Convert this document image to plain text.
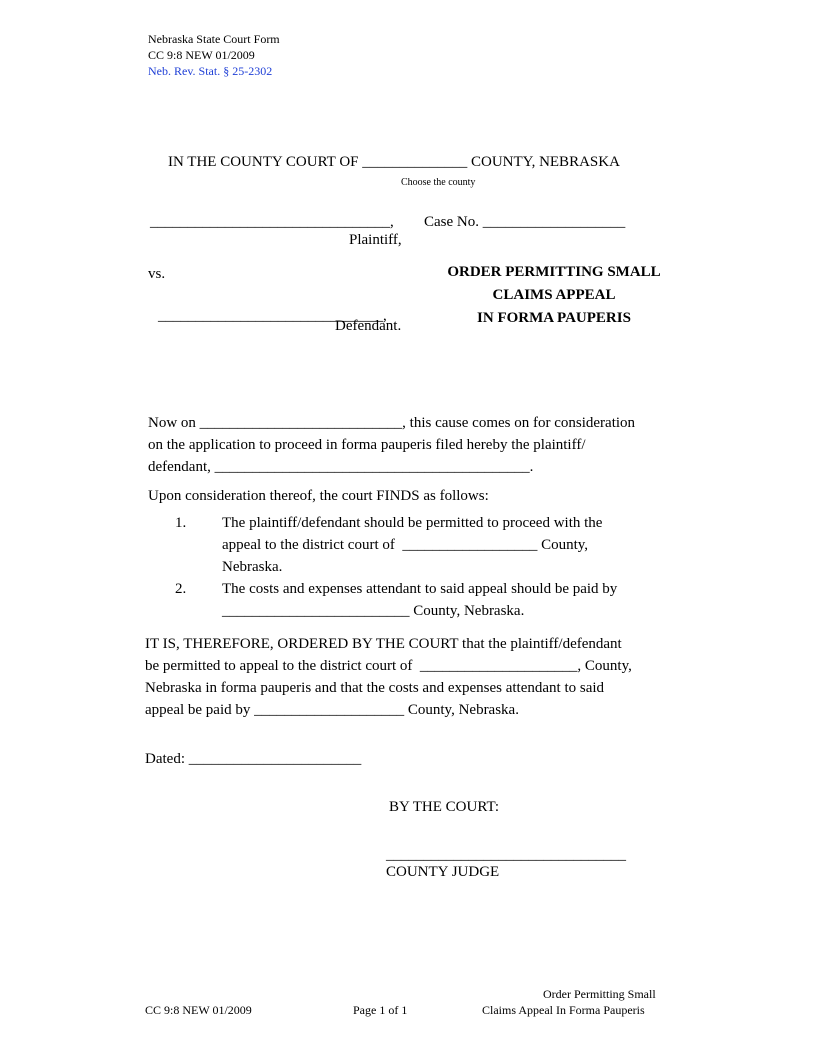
Nebraska State Court Form
CC 9:8 NEW 01/2009
Neb. Rev. Stat. § 25-2302
IN THE COUNTY COURT OF ______________ COUNTY, NEBRASKA
Choose the county
________________________________,
Plaintiff,
Case No. ___________________
vs.	ORDER PERMITTING SMALL
CLAIMS APPEAL
IN FORMA PAUPERIS
______________________________,
Defendant.
Now on ___________________________, this cause comes on for consideration
on the application to proceed in forma pauperis filed hereby the plaintiff/
defendant, __________________________________________.
Upon consideration thereof, the court FINDS as follows:
1. The plaintiff/defendant should be permitted to proceed with the
appeal to the district court of __________________ County,
Nebraska.
2. The costs and expenses attendant to said appeal should be paid by
_________________________ County, Nebraska.
IT IS, THEREFORE, ORDERED BY THE COURT that the plaintiff/defendant
be permitted to appeal to the district court of _____________________, County,
Nebraska in forma pauperis and that the costs and expenses attendant to said
appeal be paid by ____________________ County, Nebraska.
Dated: _______________________
BY THE COURT:
________________________________
COUNTY JUDGE
CC 9:8 NEW 01/2009	Page 1 of 1
Order Permitting Small
Claims Appeal In Forma Pauperis
